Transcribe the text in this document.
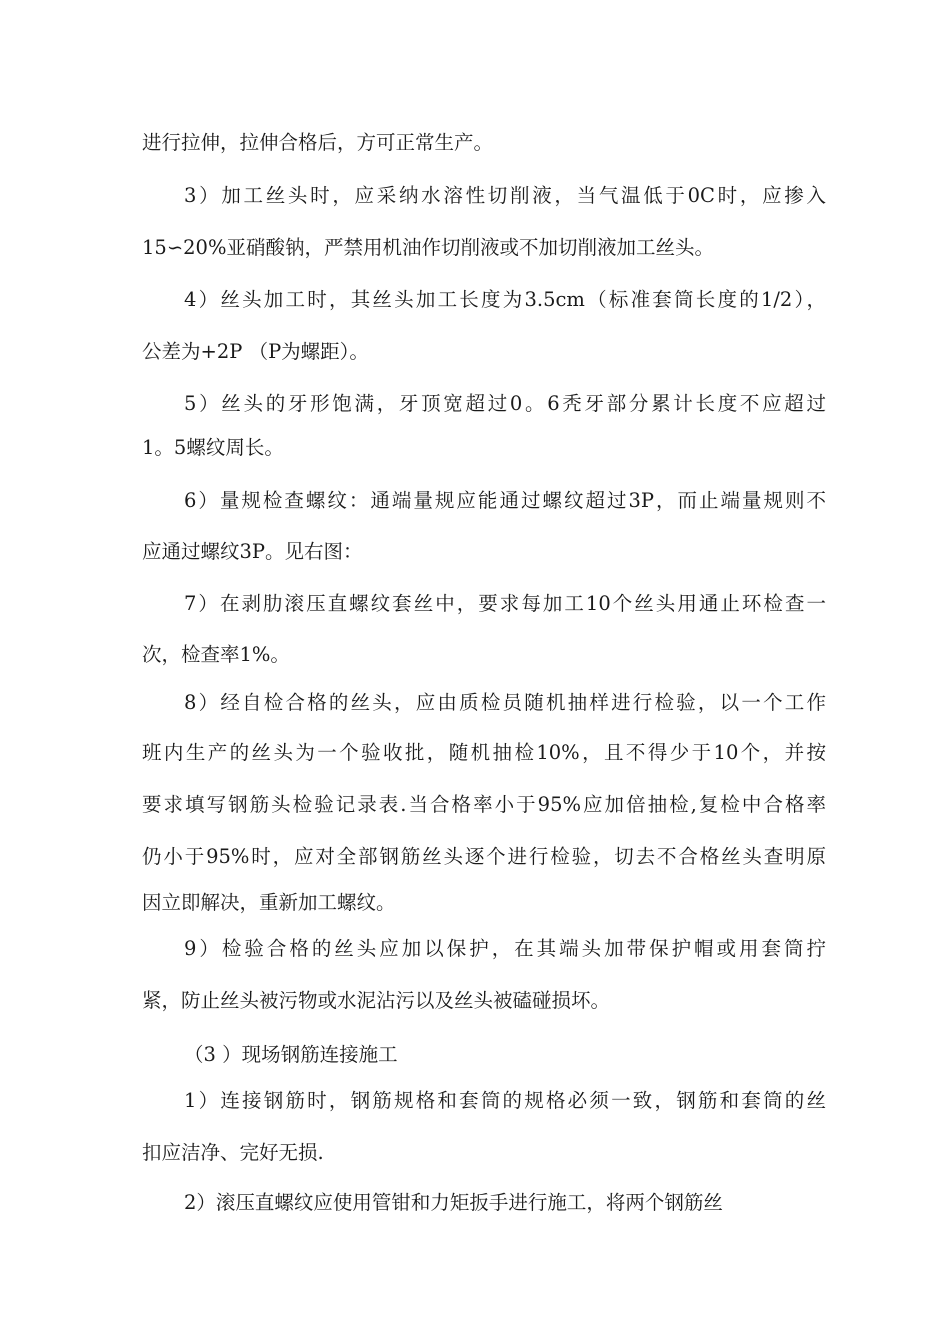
进行拉伸，拉伸合格后，方可正常生产。
3）加工丝头时，应采纳水溶性切削液，当气温低于0C时，应掺入
15∽20%亚硝酸钠，严禁用机油作切削液或不加切削液加工丝头。
4）丝头加工时，其丝头加工长度为3.5cm（标准套筒长度的1/2），
公差为+2P （P为螺距）。
5）丝头的牙形饱满，牙顶宽超过0。6秃牙部分累计长度不应超过
1。5螺纹周长。
6）量规检查螺纹：通端量规应能通过螺纹超过3P，而止端量规则不
应通过螺纹3P。见右图：
7）在剥肋滚压直螺纹套丝中，要求每加工10个丝头用通止环检查一
次，检查率1%。
8）经自检合格的丝头，应由质检员随机抽样进行检验，以一个工作
班内生产的丝头为一个验收批，随机抽检10%，且不得少于10个，并按
要求填写钢筋头检验记录表.当合格率小于95%应加倍抽检,复检中合格率
仍小于95%时，应对全部钢筋丝头逐个进行检验，切去不合格丝头查明原
因立即解决，重新加工螺纹。
9）检验合格的丝头应加以保护，在其端头加带保护帽或用套筒拧
紧，防止丝头被污物或水泥沾污以及丝头被磕碰损坏。
（3 ）现场钢筋连接施工
1）连接钢筋时，钢筋规格和套筒的规格必须一致，钢筋和套筒的丝
扣应洁净、完好无损.
2）滚压直螺纹应使用管钳和力矩扳手进行施工，将两个钢筋丝
